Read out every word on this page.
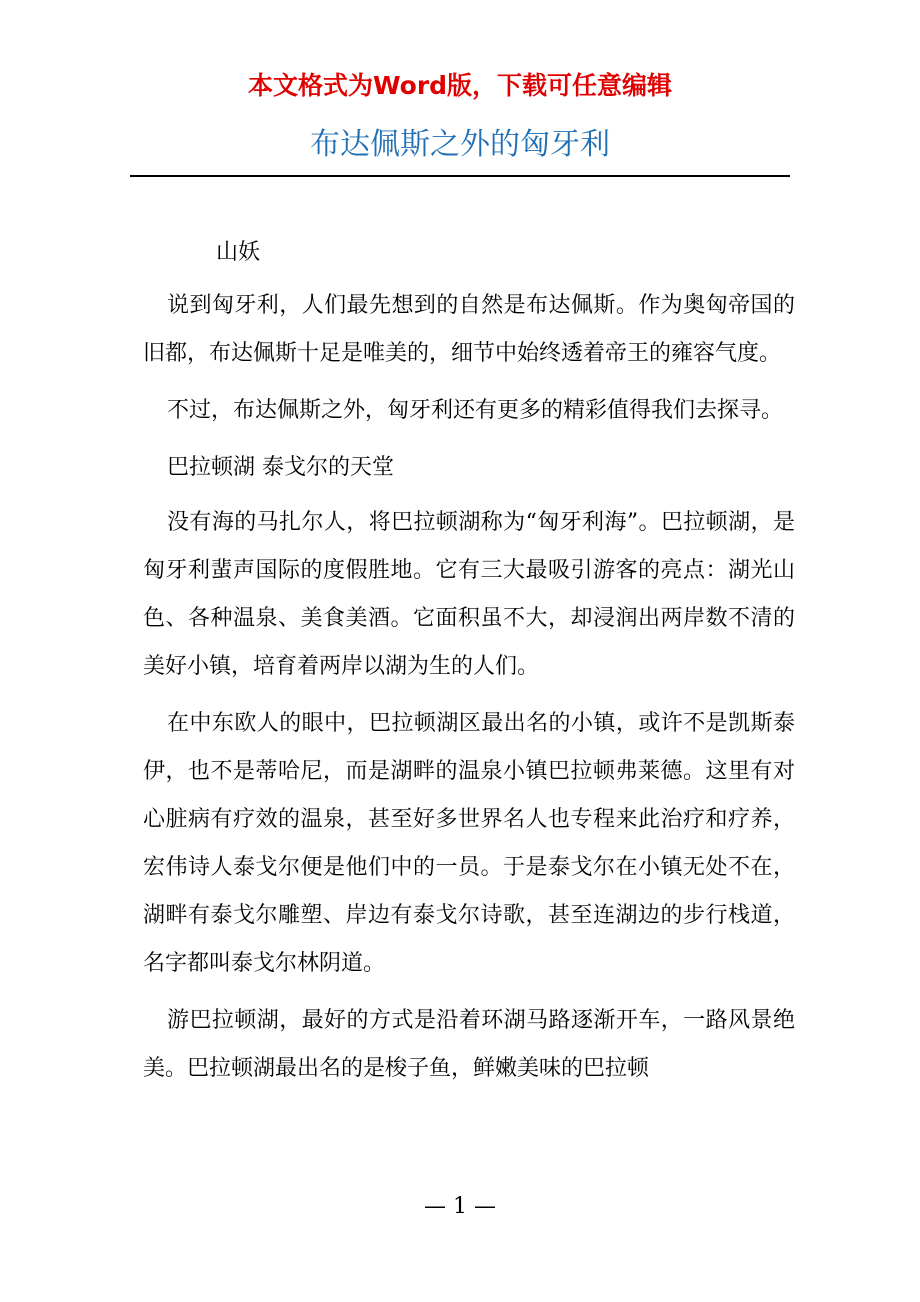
本文格式为Word版，下载可任意编辑
布达佩斯之外的匈牙利

山妖

说到匈牙利，人们最先想到的自然是布达佩斯。作为奥匈帝国的旧都，布达佩斯十足是唯美的，细节中始终透着帝王的雍容气度。

不过，布达佩斯之外，匈牙利还有更多的精彩值得我们去探寻。

巴拉顿湖 泰戈尔的天堂

没有海的马扎尔人，将巴拉顿湖称为“匈牙利海”。巴拉顿湖，是匈牙利蜚声国际的度假胜地。它有三大最吸引游客的亮点：湖光山色、各种温泉、美食美酒。它面积虽不大，却浸润出两岸数不清的美好小镇，培育着两岸以湖为生的人们。

在中东欧人的眼中，巴拉顿湖区最出名的小镇，或许不是凯斯泰伊，也不是蒂哈尼，而是湖畔的温泉小镇巴拉顿弗莱德。这里有对心脏病有疗效的温泉，甚至好多世界名人也专程来此治疗和疗养，宏伟诗人泰戈尔便是他们中的一员。于是泰戈尔在小镇无处不在，湖畔有泰戈尔雕塑、岸边有泰戈尔诗歌，甚至连湖边的步行栈道，名字都叫泰戈尔林阴道。

游巴拉顿湖，最好的方式是沿着环湖马路逐渐开车，一路风景绝美。巴拉顿湖最出名的是梭子鱼，鲜嫩美味的巴拉顿

— 1 —
